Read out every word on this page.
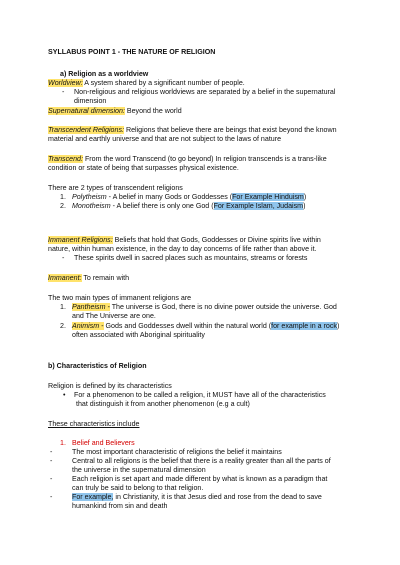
SYLLABUS POINT 1 - THE NATURE OF RELIGION
a) Religion as a worldview
Worldview: A system shared by a significant number of people.
- Non-religious and religious worldviews are separated by a belief in the supernatural
dimension
Supernatural dimension: Beyond the world
Transcendent Religions: Religions that believe there are beings that exist beyond the known
material and earthly universe and that are not subject to the laws of nature
Transcend: From the word Transcend (to go beyond) In religion transcends is a trans-like
condition or state of being that surpasses physical existence.
There are 2 types of transcendent religions
1. Polytheism - A belief in many Gods or Goddesses (For Example Hinduism)
2. Monotheism - A belief there is only one God (For Example Islam, Judaism)
Immanent Religions: Beliefs that hold that Gods, Goddesses or Divine spirits live within
nature, within human existence, in the day to day concerns of life rather than above it.
- These spirits dwell in sacred places such as mountains, streams or forests
Immanent: To remain with
The two main types of immanent religions are
1. Pantheism - The universe is God, there is no divine power outside the universe. God
and The Universe are one.
2. Animism - Gods and Goddesses dwell within the natural world (for example in a rock)
often associated with Aboriginal spirituality
b) Characteristics of Religion
Religion is defined by its characteristics
• For a phenomenon to be called a religion, it MUST have all of the characteristics
that distinguish it from another phenomenon (e.g a cult)
These characteristics include
1. Belief and Believers
-	The most important characteristic of religions the belief it maintains
-	Central to all religions is the belief that there is a reality greater than all the parts of
the universe in the supernatural dimension
-	Each religion is set apart and made different by what is known as a paradigm that
can truly be said to belong to that religion.
-	For example, in Christianity, it is that Jesus died and rose from the dead to save
humankind from sin and death
